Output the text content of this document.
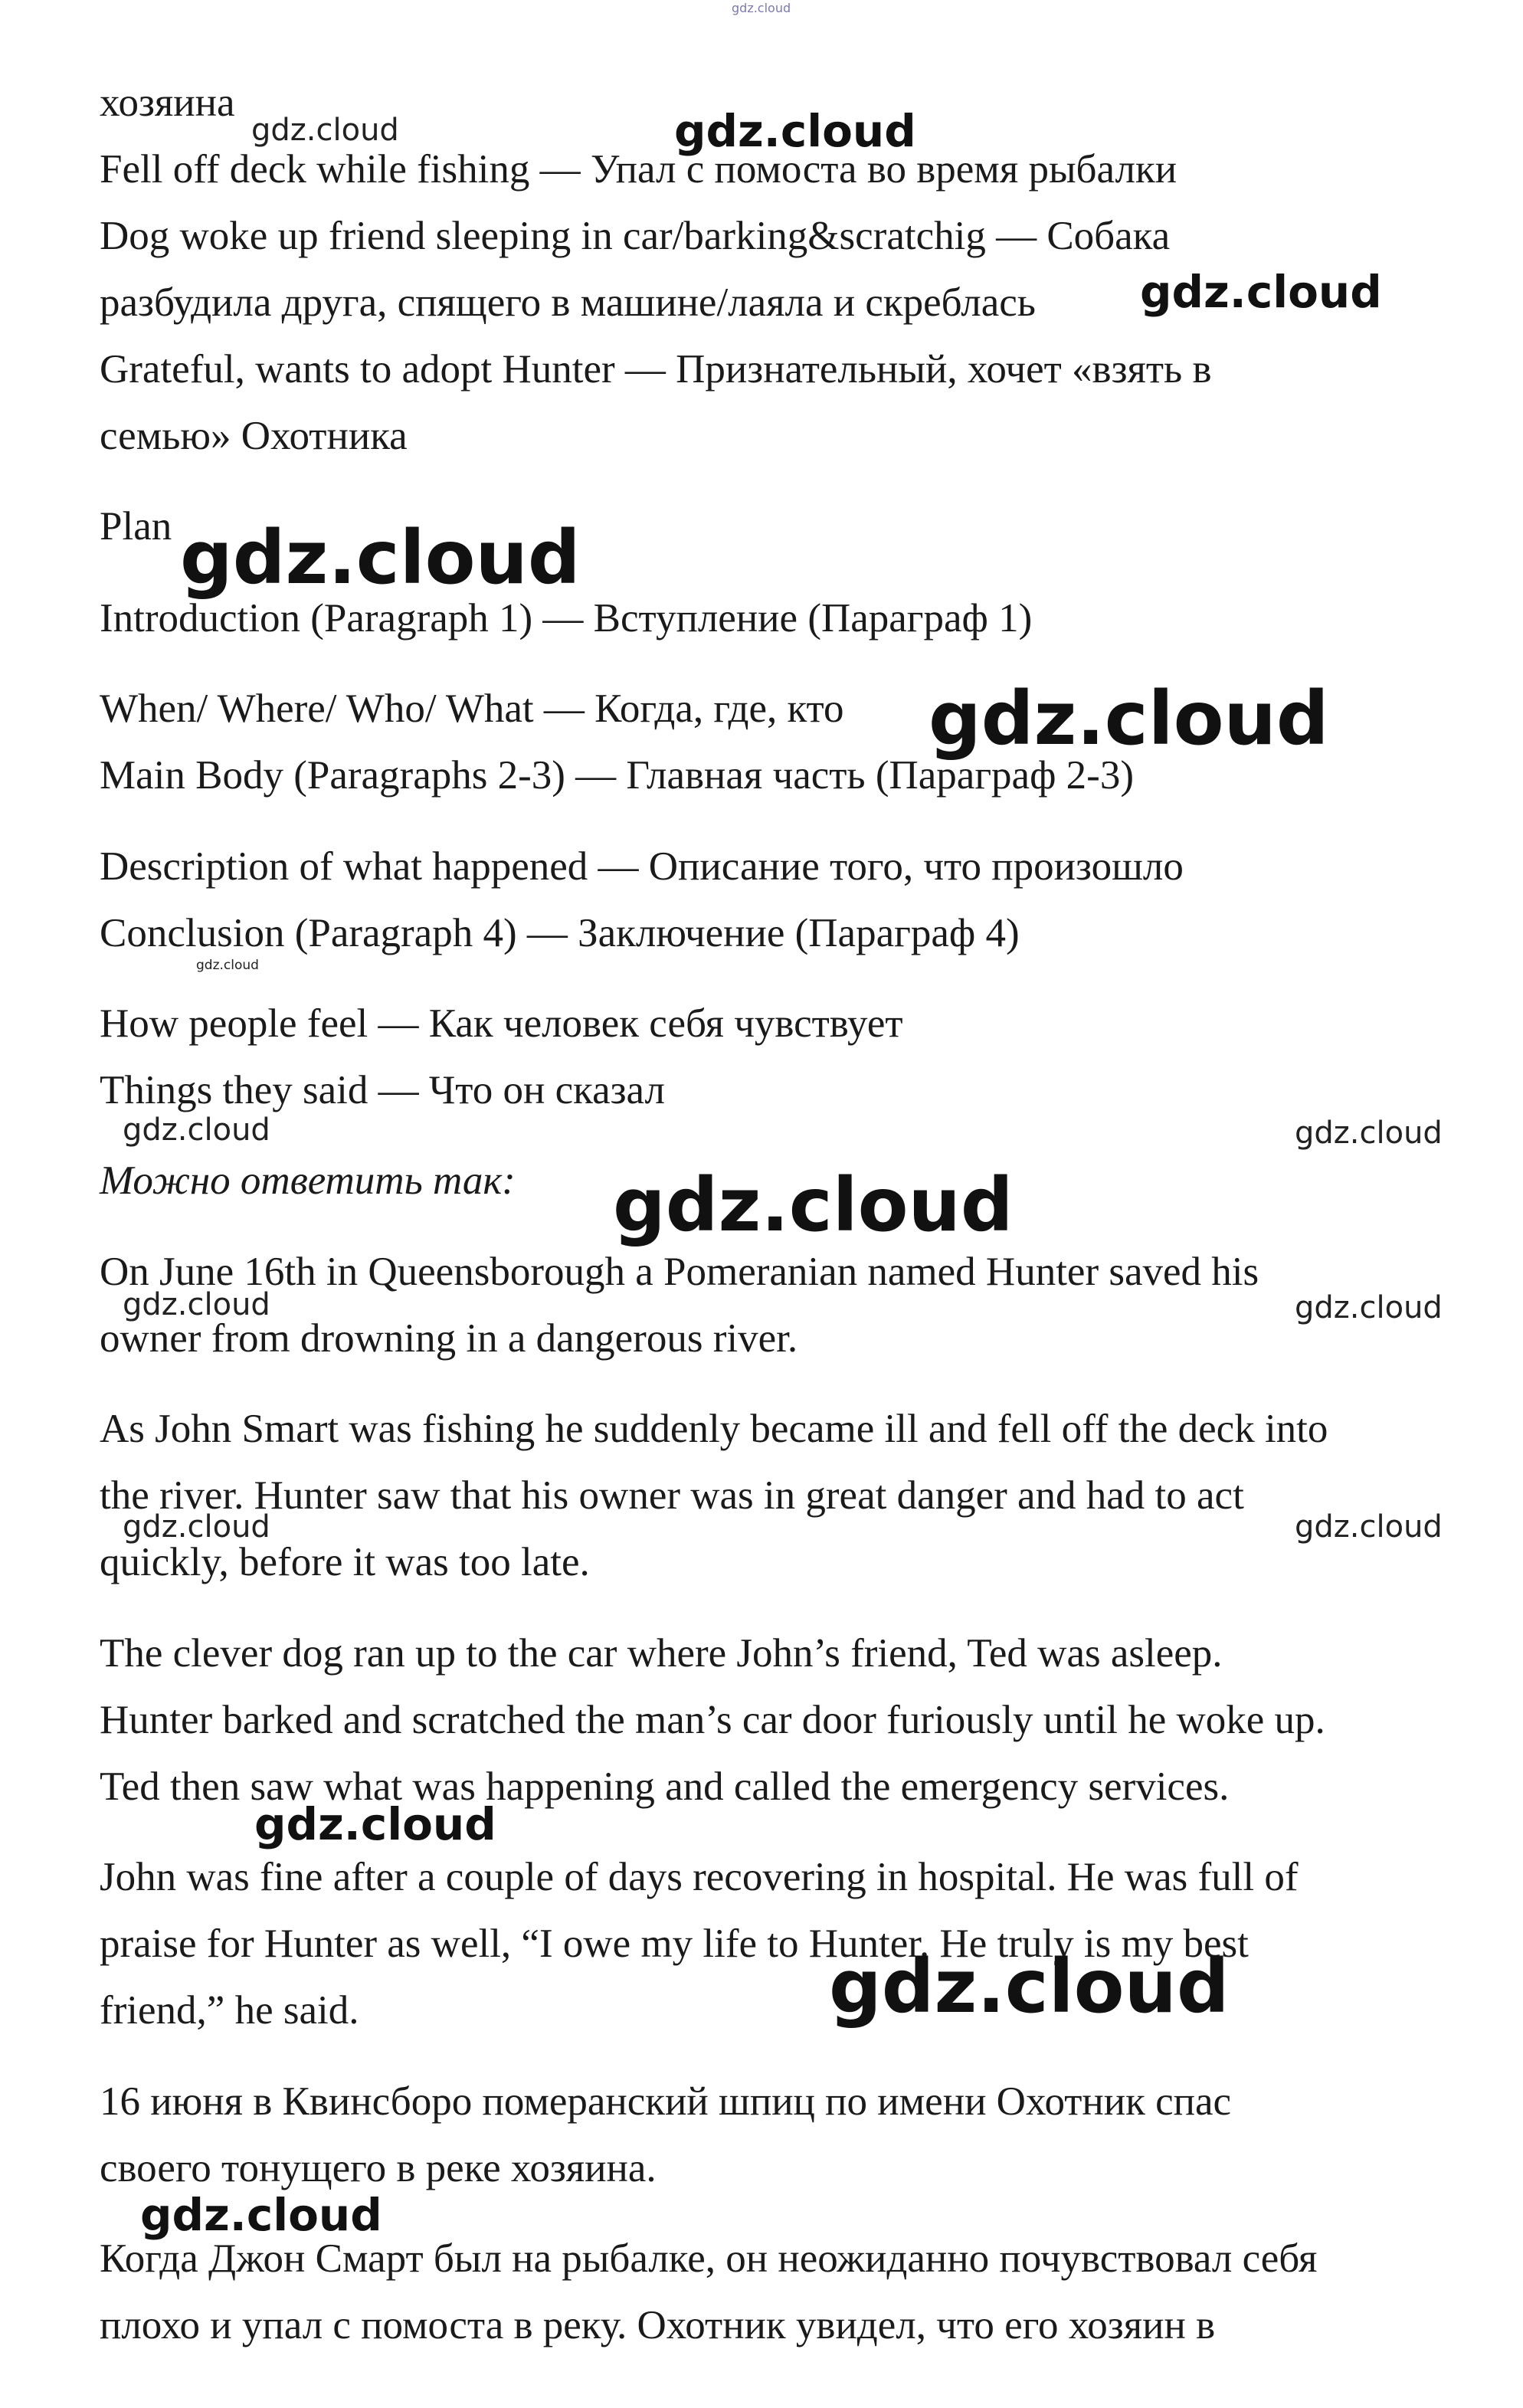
хозяина
Fell off deck while fishing — Упал с помоста во время рыбалки
Dog woke up friend sleeping in car/barking&scratchig — Собака
разбудила друга, спящего в машине/лаяла и скреблась
Grateful, wants to adopt Hunter — Признательный, хочет «взять в
семью» Охотника
Plan
Introduction (Paragraph 1) — Вступление (Параграф 1)
When/ Where/ Who/ What — Когда, где, кто
Main Body (Paragraphs 2-3) — Главная часть (Параграф 2-3)
Description of what happened — Описание того, что произошло
Conclusion (Paragraph 4) — Заключение (Параграф 4)
How people feel — Как человек себя чувствует
Things they said — Что он сказал
Можно ответить так:
On June 16th in Queensborough a Pomeranian named Hunter saved his
owner from drowning in a dangerous river.
As John Smart was fishing he suddenly became ill and fell off the deck into
the river. Hunter saw that his owner was in great danger and had to act
quickly, before it was too late.
The clever dog ran up to the car where John’s friend, Ted was asleep.
Hunter barked and scratched the man’s car door furiously until he woke up.
Ted then saw what was happening and called the emergency services.
John was fine after a couple of days recovering in hospital. He was full of
praise for Hunter as well, “I owe my life to Hunter. He truly is my best
friend,” he said.
16 июня в Квинсборо померанский шпиц по имени Охотник спас
своего тонущего в реке хозяина.
Когда Джон Смарт был на рыбалке, он неожиданно почувствовал себя
плохо и упал с помоста в реку. Охотник увидел, что его хозяин в
gdz.cloud
gdz.cloud	gdz.cloud
gdz.cloud
gdz.cloud
gdz.cloud
gdz.cloud
gdz.cloud	gdz.cloud
gdz.cloud
gdz.cloud	gdz.cloud
gdz.cloud	gdz.cloud
gdz.cloud
gdz.cloud
gdz.cloud
